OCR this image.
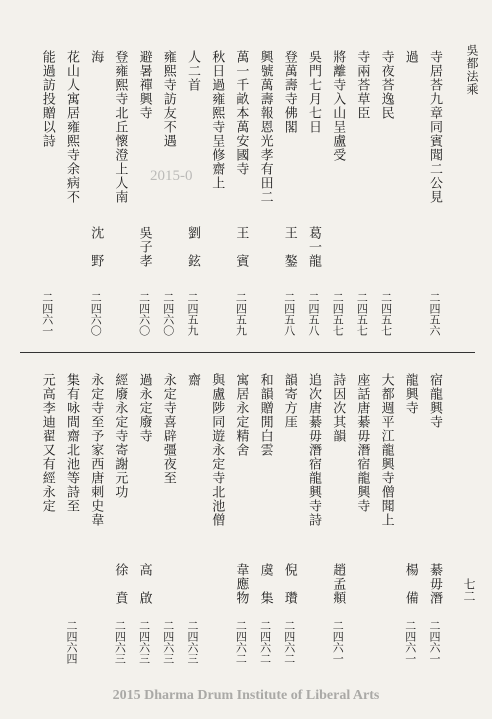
吳都法乘
七二
寺居荅九章同賓聞二公見
二四五六
過
寺夜荅逸民
二四五七
寺兩荅草臣
二四五七
將離寺入山呈盧受
二四五七
吳門七月七日
葛一龍
二四五八
登萬壽寺佛閣
王　鏊
二四五八
興號萬壽報恩光孝有田二
萬一千畝本萬安國寺
王　賓
二四五九
秋日過雍熙寺呈修齋上
人二首
劉　鉉
二四五九
雍熙寺訪友不遇
二四六〇
避暑禪興寺
吳子孝
二四六〇
登雍熙寺北丘懷澄上人南
海
沈　野
二四六〇
花山人寓居雍熙寺余病不
能過訪投贈以詩
二四六一
宿龍興寺
綦毋潛
二四六一
龍興寺
楊　備
二四六一
大都週平江龍興寺僧聞上
座話唐綦毋潛宿龍興寺
詩因次其韻
趙孟頫
二四六一
追次唐綦毋潛宿龍興寺詩
韻寄方厓
倪　瓚
二四六二
和韻贈閒白雲
虞　集
二四六二
寓居永定精舍
韋應物
二四六二
與盧陟同遊永定寺北池僧
齋
二四六三
永定寺喜辟彊夜至
二四六三
過永定廢寺
高　啟
二四六三
經廢永定寺寄謝元功
徐　賁
二四六三
永定寺至予家西唐刺史韋
集有咏間齋北池等詩至
二四六四
元高李迪翟又有經永定
2015-0
2015 Dharma Drum Institute of Liberal Arts
